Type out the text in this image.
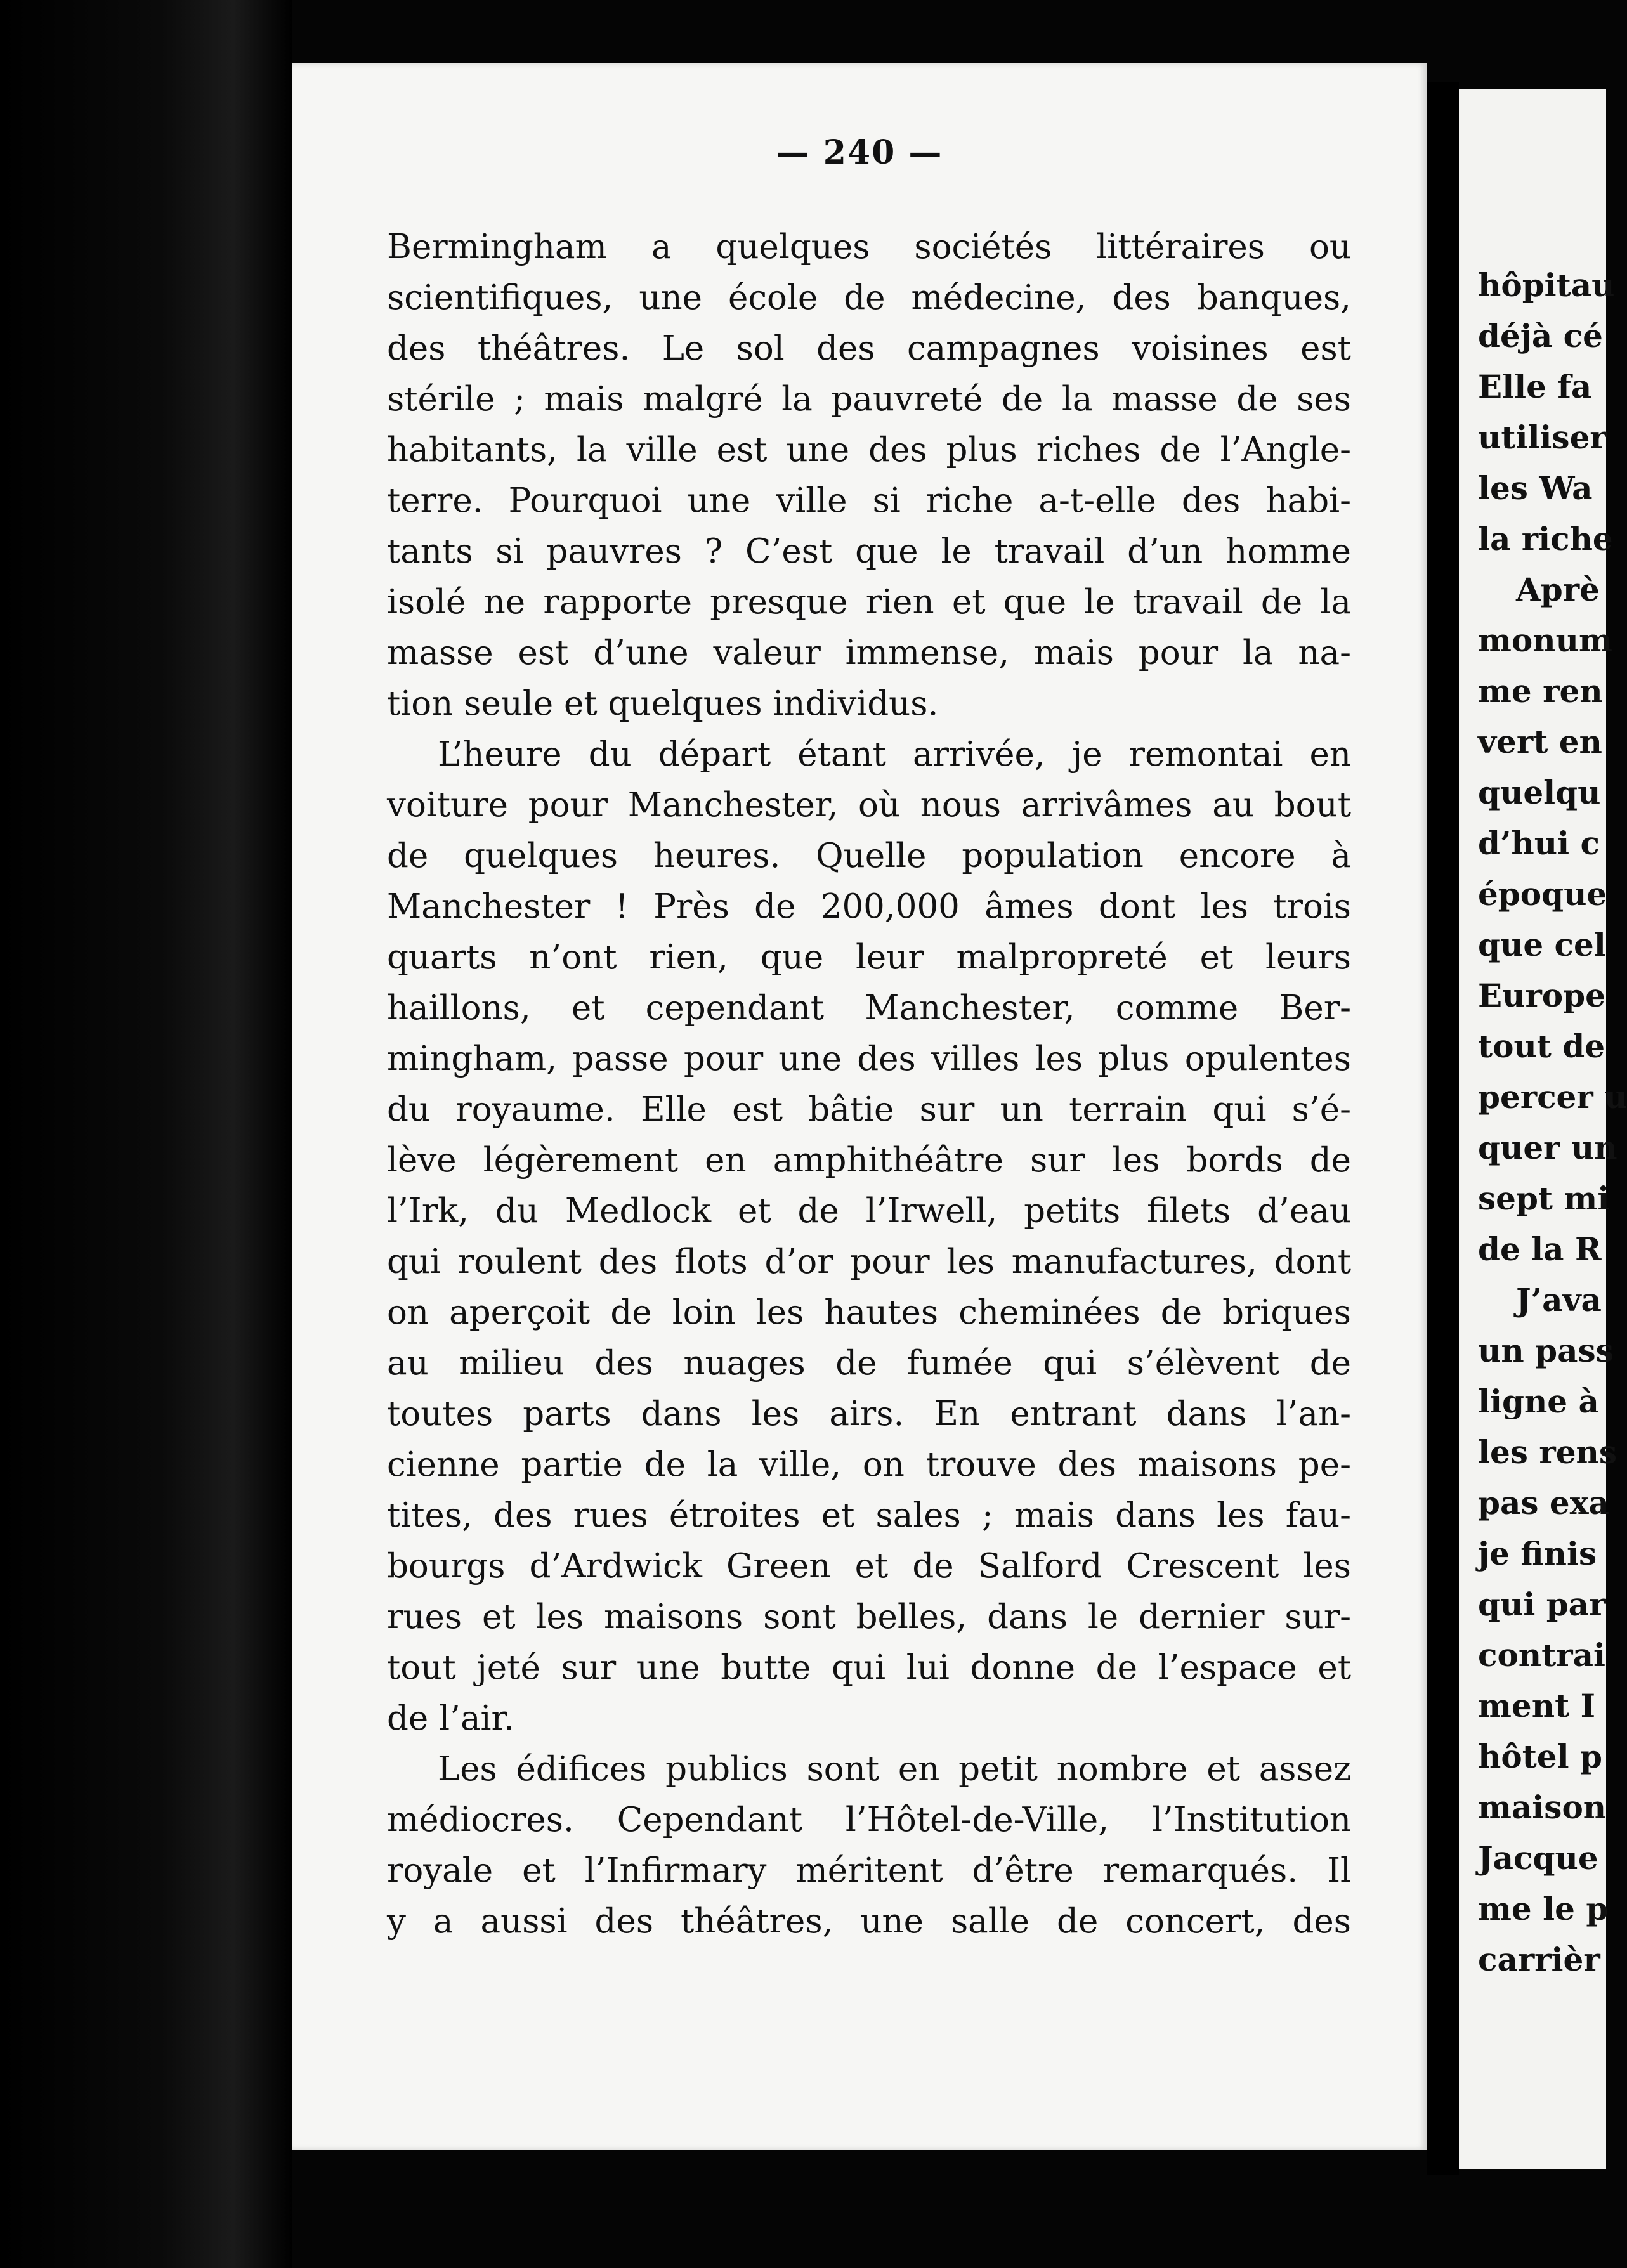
— 240 —
Bermingham a quelques sociétés littéraires ou
scientifiques, une école de médecine, des banques,
des théâtres. Le sol des campagnes voisines est
stérile ; mais malgré la pauvreté de la masse de ses
habitants, la ville est une des plus riches de l’Angle-
terre. Pourquoi une ville si riche a-t-elle des habi-
tants si pauvres ? C’est que le travail d’un homme
isolé ne rapporte presque rien et que le travail de la
masse est d’une valeur immense, mais pour la na-
tion seule et quelques individus.
L’heure du départ étant arrivée, je remontai en
voiture pour Manchester, où nous arrivâmes au bout
de quelques heures. Quelle population encore à
Manchester ! Près de 200,000 âmes dont les trois
quarts n’ont rien, que leur malpropreté et leurs
haillons, et cependant Manchester, comme Ber-
mingham, passe pour une des villes les plus opulentes
du royaume. Elle est bâtie sur un terrain qui s’é-
lève légèrement en amphithéâtre sur les bords de
l’Irk, du Medlock et de l’Irwell, petits filets d’eau
qui roulent des flots d’or pour les manufactures, dont
on aperçoit de loin les hautes cheminées de briques
au milieu des nuages de fumée qui s’élèvent de
toutes parts dans les airs. En entrant dans l’an-
cienne partie de la ville, on trouve des maisons pe-
tites, des rues étroites et sales ; mais dans les fau-
bourgs d’Ardwick Green et de Salford Crescent les
rues et les maisons sont belles, dans le dernier sur-
tout jeté sur une butte qui lui donne de l’espace et
de l’air.
Les édifices publics sont en petit nombre et assez
médiocres. Cependant l’Hôtel-de-Ville, l’Institution
royale et l’Infirmary méritent d’être remarqués. Il
y a aussi des théâtres, une salle de concert, des
hôpitau
déjà cé
Elle fa
utiliser
les Wa
la riche
Aprè
monum
me ren
vert en
quelqu
d’hui c
époque
que cel
Europe
tout de
percer u
quer un
sept mi
de la R
J’ava
un pass
ligne à
les rens
pas exa
je finis
qui par
contrai
ment I
hôtel p
maison
Jacque
me le p
carrièr
